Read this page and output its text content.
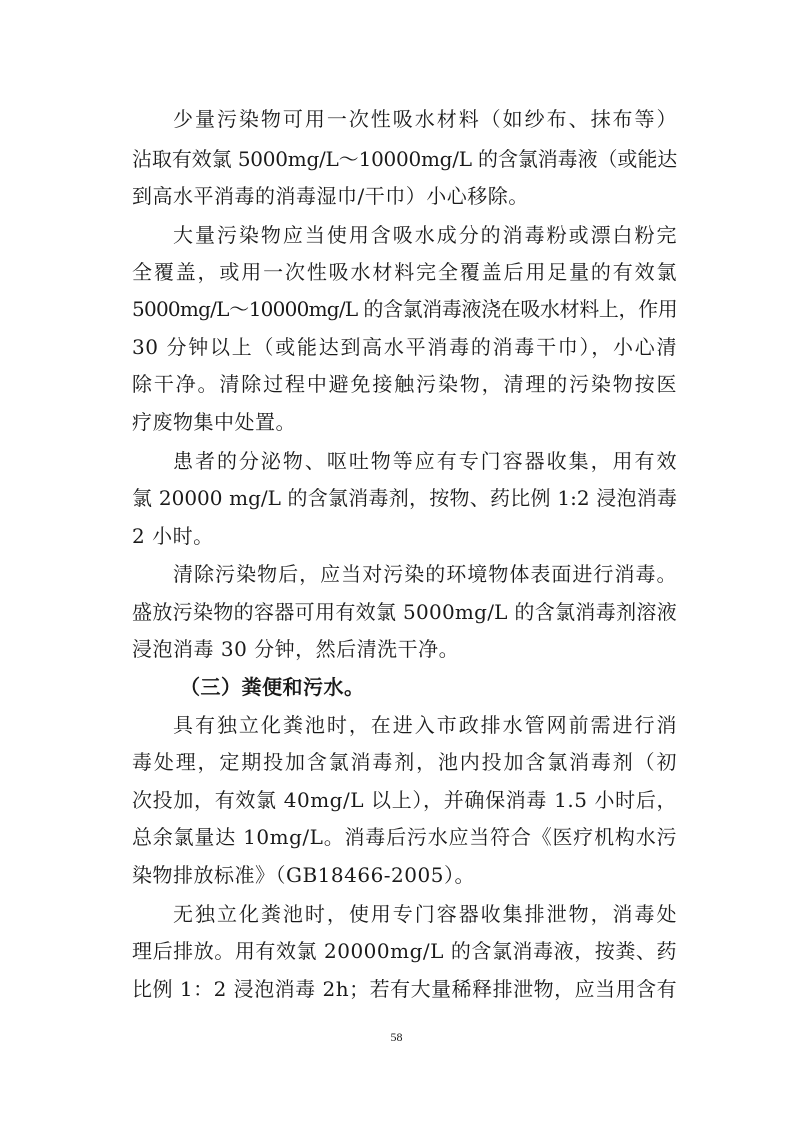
少量污染物可用一次性吸水材料（如纱布、抹布等）
沾取有效氯 5000mg/L～10000mg/L 的含氯消毒液（或能达
到高水平消毒的消毒湿巾/干巾）小心移除。
大量污染物应当使用含吸水成分的消毒粉或漂白粉完
全覆盖，或用一次性吸水材料完全覆盖后用足量的有效氯
5000mg/L～10000mg/L 的含氯消毒液浇在吸水材料上，作用
30 分钟以上（或能达到高水平消毒的消毒干巾），小心清
除干净。清除过程中避免接触污染物，清理的污染物按医
疗废物集中处置。
患者的分泌物、呕吐物等应有专门容器收集，用有效
氯 20000 mg/L 的含氯消毒剂，按物、药比例 1:2 浸泡消毒
2 小时。
清除污染物后，应当对污染的环境物体表面进行消毒。
盛放污染物的容器可用有效氯 5000mg/L 的含氯消毒剂溶液
浸泡消毒 30 分钟，然后清洗干净。
（三）粪便和污水。
具有独立化粪池时，在进入市政排水管网前需进行消
毒处理，定期投加含氯消毒剂，池内投加含氯消毒剂（初
次投加，有效氯 40mg/L 以上），并确保消毒 1.5 小时后，
总余氯量达 10mg/L。消毒后污水应当符合《医疗机构水污
染物排放标准》（GB18466-2005）。
无独立化粪池时，使用专门容器收集排泄物，消毒处
理后排放。用有效氯 20000mg/L 的含氯消毒液，按粪、药
比例 1：2 浸泡消毒 2h；若有大量稀释排泄物，应当用含有
58
